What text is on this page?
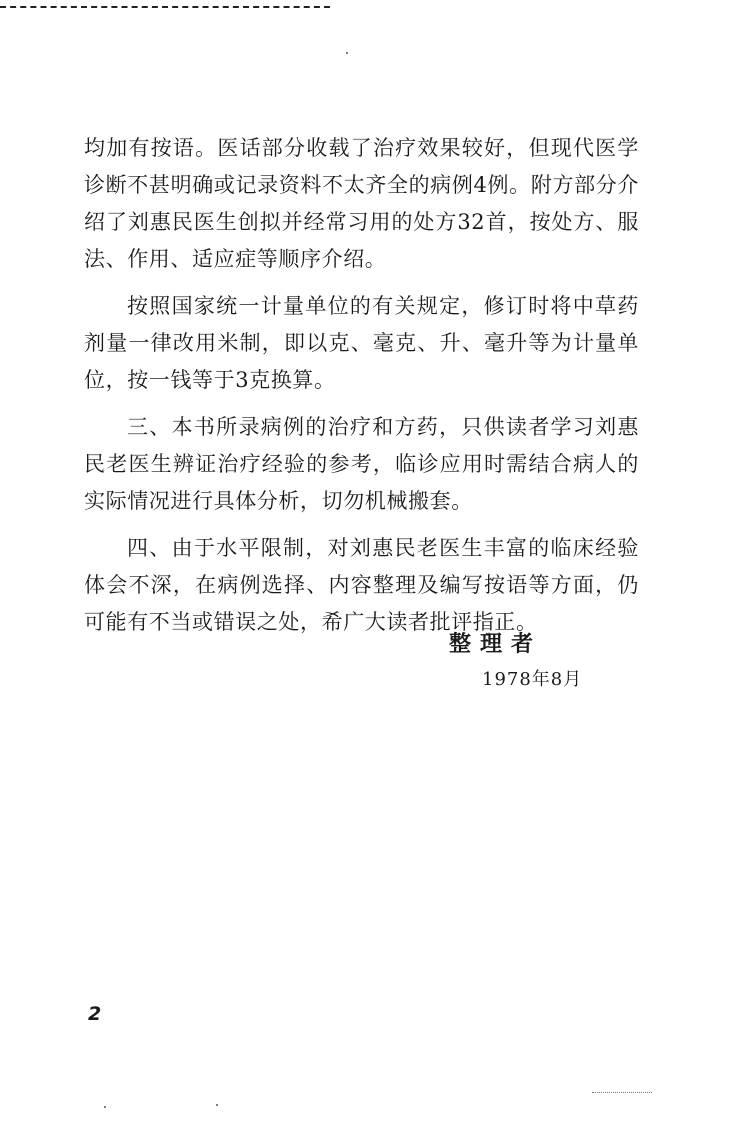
均加有按语。医话部分收载了治疗效果较好，但现代医学诊断不甚明确或记录资料不太齐全的病例4例。附方部分介绍了刘惠民医生创拟并经常习用的处方32首，按处方、服法、作用、适应症等顺序介绍。

按照国家统一计量单位的有关规定，修订时将中草药剂量一律改用米制，即以克、毫克、升、毫升等为计量单位，按一钱等于3克换算。

三、本书所录病例的治疗和方药，只供读者学习刘惠民老医生辨证治疗经验的参考，临诊应用时需结合病人的实际情况进行具体分析，切勿机械搬套。

四、由于水平限制，对刘惠民老医生丰富的临床经验体会不深，在病例选择、内容整理及编写按语等方面，仍可能有不当或错误之处，希广大读者批评指正。

整理者
1978年8月
2
